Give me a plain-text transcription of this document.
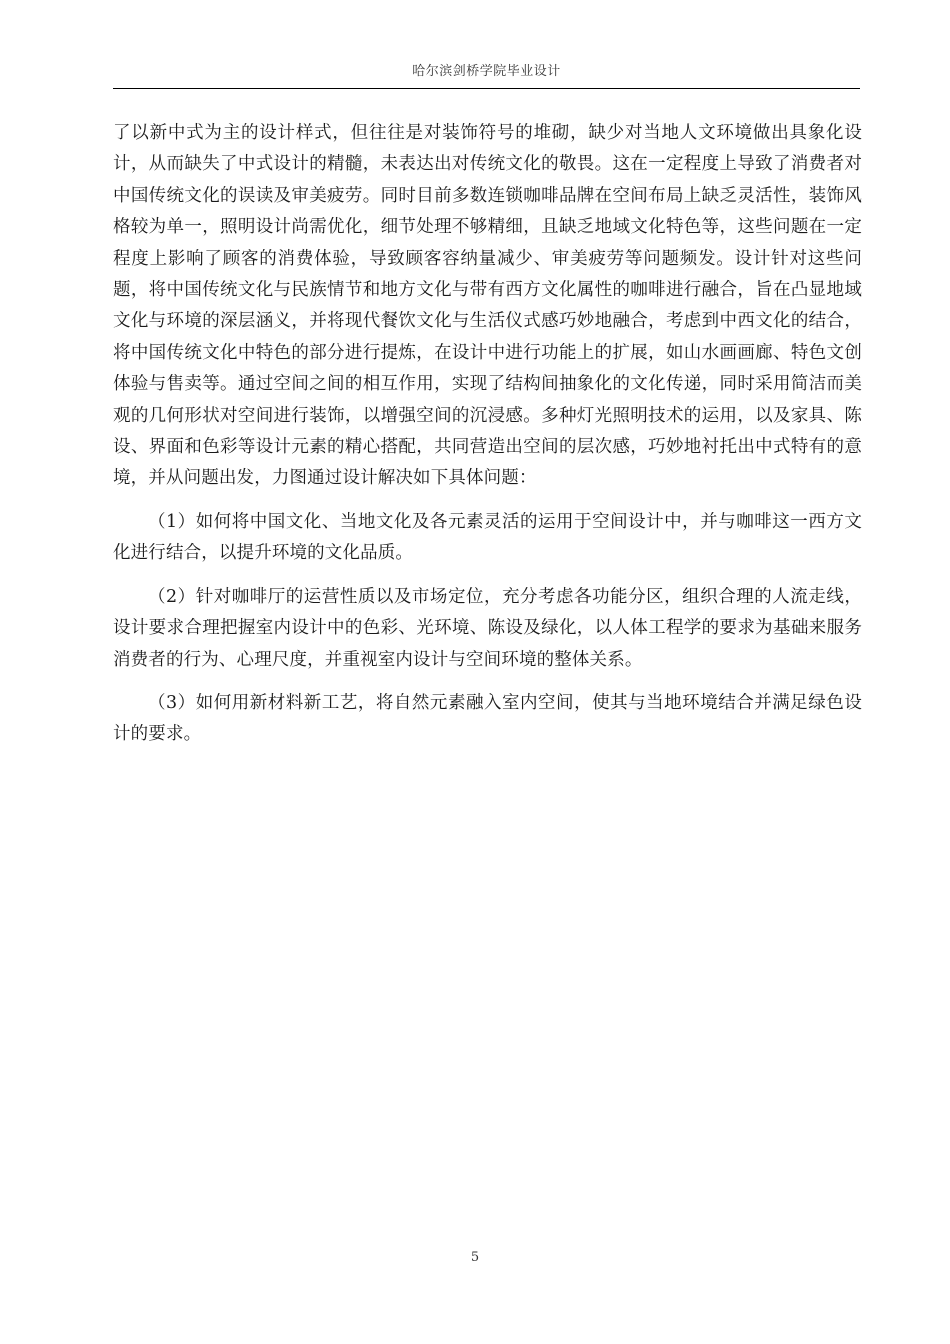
哈尔滨剑桥学院毕业设计

了以新中式为主的设计样式，但往往是对装饰符号的堆砌，缺少对当地人文环境做出具象化设计，从而缺失了中式设计的精髓，未表达出对传统文化的敬畏。这在一定程度上导致了消费者对中国传统文化的误读及审美疲劳。同时目前多数连锁咖啡品牌在空间布局上缺乏灵活性，装饰风格较为单一，照明设计尚需优化，细节处理不够精细，且缺乏地域文化特色等，这些问题在一定程度上影响了顾客的消费体验，导致顾客容纳量减少、审美疲劳等问题频发。设计针对这些问题，将中国传统文化与民族情节和地方文化与带有西方文化属性的咖啡进行融合，旨在凸显地域文化与环境的深层涵义，并将现代餐饮文化与生活仪式感巧妙地融合，考虑到中西文化的结合，将中国传统文化中特色的部分进行提炼，在设计中进行功能上的扩展，如山水画画廊、特色文创体验与售卖等。通过空间之间的相互作用，实现了结构间抽象化的文化传递，同时采用简洁而美观的几何形状对空间进行装饰，以增强空间的沉浸感。多种灯光照明技术的运用，以及家具、陈设、界面和色彩等设计元素的精心搭配，共同营造出空间的层次感，巧妙地衬托出中式特有的意境，并从问题出发，力图通过设计解决如下具体问题：

（1）如何将中国文化、当地文化及各元素灵活的运用于空间设计中，并与咖啡这一西方文化进行结合，以提升环境的文化品质。

（2）针对咖啡厅的运营性质以及市场定位，充分考虑各功能分区，组织合理的人流走线，设计要求合理把握室内设计中的色彩、光环境、陈设及绿化，以人体工程学的要求为基础来服务消费者的行为、心理尺度，并重视室内设计与空间环境的整体关系。

（3）如何用新材料新工艺，将自然元素融入室内空间，使其与当地环境结合并满足绿色设计的要求。

5
